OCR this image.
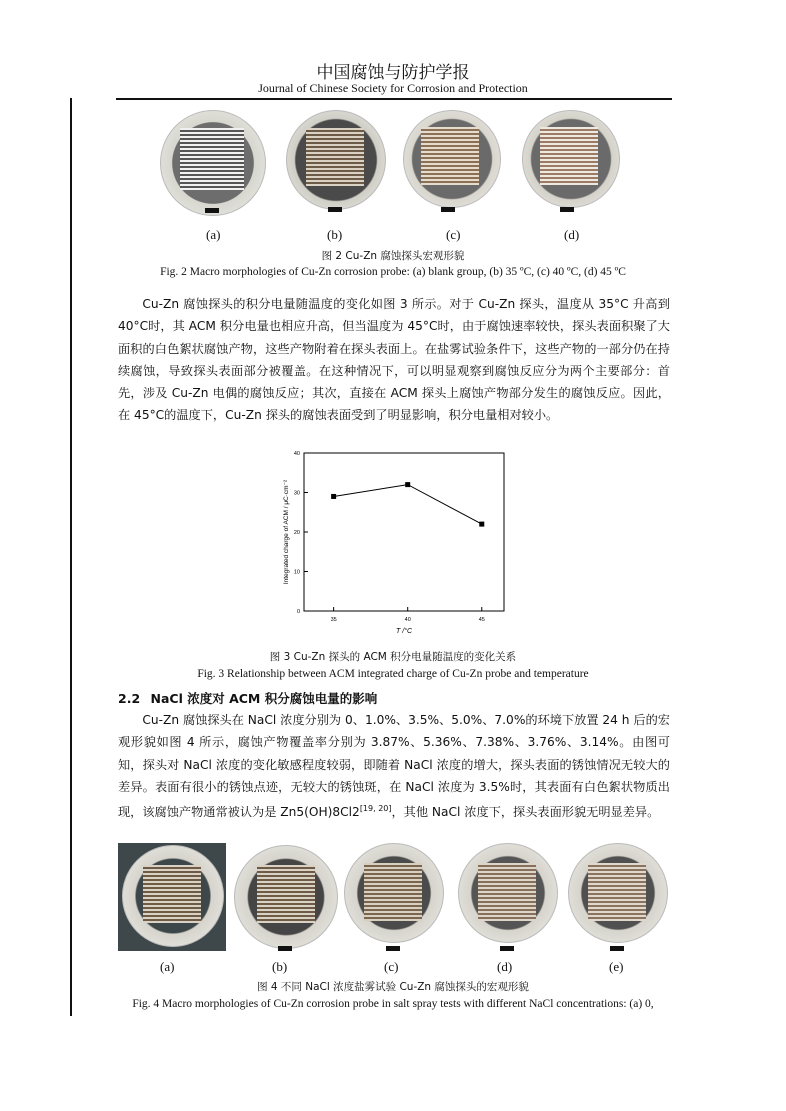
中国腐蚀与防护学报
Journal of Chinese Society for Corrosion and Protection
(a)	(b)	(c)	(d)
图 2 Cu-Zn 腐蚀探头宏观形貌
Fig. 2 Macro morphologies of Cu-Zn corrosion probe: (a) blank group, (b) 35 ºC, (c) 40 ºC, (d) 45 ºC

Cu-Zn 腐蚀探头的积分电量随温度的变化如图 3 所示。对于 Cu-Zn 探头，温度从 35°C 升高到 40°C时，其 ACM 积分电量也相应升高，但当温度为 45°C时，由于腐蚀速率较快，探头表面积聚了大面积的白色絮状腐蚀产物，这些产物附着在探头表面上。在盐雾试验条件下，这些产物的一部分仍在持续腐蚀，导致探头表面部分被覆盖。在这种情况下，可以明显观察到腐蚀反应分为两个主要部分：首先，涉及 Cu-Zn 电偶的腐蚀反应；其次，直接在 ACM 探头上腐蚀产物部分发生的腐蚀反应。因此，在 45°C的温度下，Cu-Zn 探头的腐蚀表面受到了明显影响，积分电量相对较小。

0
10
20
30
40
35	40	45
T /°C
Integrated charge of ACM / μC·cm⁻²
图 3 Cu-Zn 探头的 ACM 积分电量随温度的变化关系
Fig. 3 Relationship between ACM integrated charge of Cu-Zn probe and temperature
2.2 NaCl 浓度对 ACM 积分腐蚀电量的影响

Cu-Zn 腐蚀探头在 NaCl 浓度分别为 0、1.0%、3.5%、5.0%、7.0%的环境下放置 24 h 后的宏观形貌如图 4 所示，腐蚀产物覆盖率分别为 3.87%、5.36%、7.38%、3.76%、3.14%。由图可知，探头对 NaCl 浓度的变化敏感程度较弱，即随着 NaCl 浓度的增大，探头表面的锈蚀情况无较大的差异。表面有很小的锈蚀点迹，无较大的锈蚀斑，在 NaCl 浓度为 3.5%时，其表面有白色絮状物质出现，该腐蚀产物通常被认为是 Zn5(OH)8Cl2[19, 20]，其他 NaCl 浓度下，探头表面形貌无明显差异。

(a)	(b)	(c)	(d)	(e)
图 4 不同 NaCl 浓度盐雾试验 Cu-Zn 腐蚀探头的宏观形貌
Fig. 4 Macro morphologies of Cu-Zn corrosion probe in salt spray tests with different NaCl concentrations: (a) 0,
